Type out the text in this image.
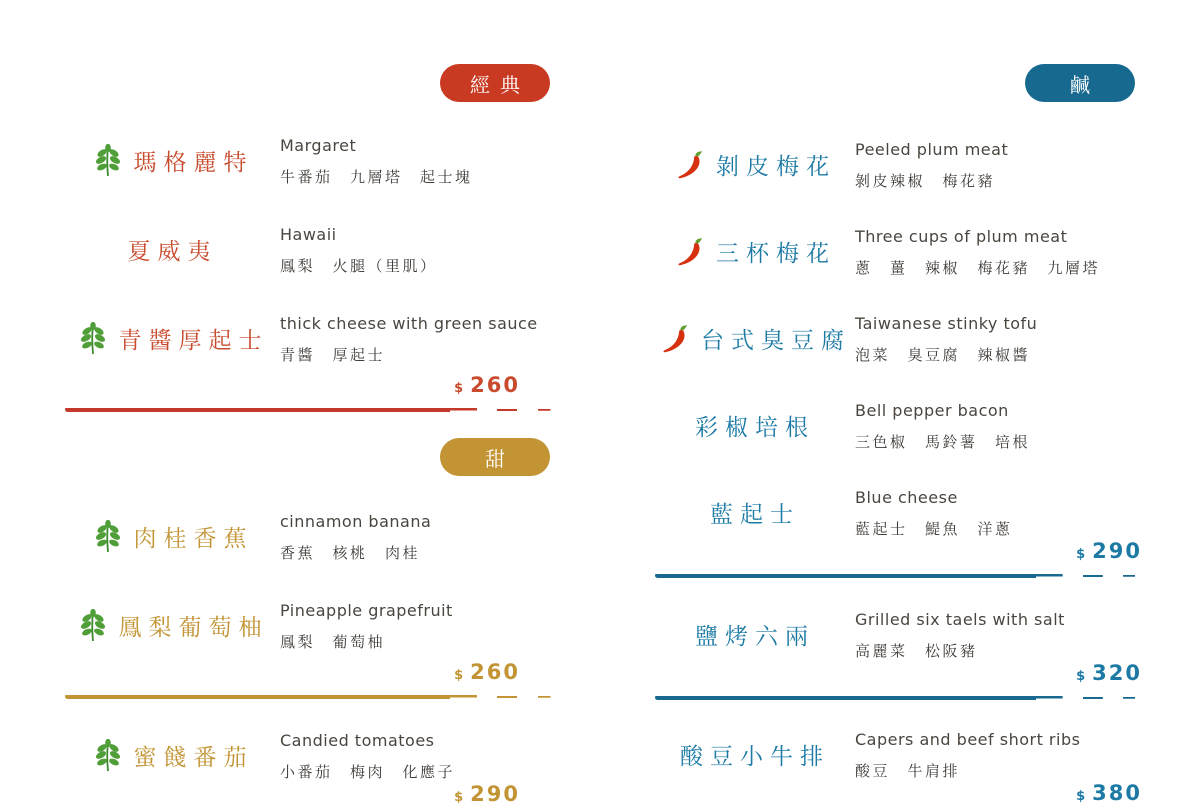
經典
瑪格麗特
Margaret
牛番茄　九層塔　起士塊
夏威夷
Hawaii
鳳梨　火腿（里肌）
青醬厚起士
thick cheese with green sauce
青醬　厚起士
$ 260
甜
肉桂香蕉
cinnamon banana
香蕉　核桃　肉桂
鳳梨葡萄柚
Pineapple grapefruit
鳳梨　葡萄柚
$ 260
蜜餞番茄
Candied tomatoes
小番茄　梅肉　化應子
$ 290
鹹
剝皮梅花
Peeled plum meat
剝皮辣椒　梅花豬
三杯梅花
Three cups of plum meat
蔥　薑　辣椒　梅花豬　九層塔
台式臭豆腐
Taiwanese stinky tofu
泡菜　臭豆腐　辣椒醬
彩椒培根
Bell pepper bacon
三色椒　馬鈴薯　培根
藍起士
Blue cheese
藍起士　鯷魚　洋蔥
$ 290
鹽烤六兩
Grilled six taels with salt
高麗菜　松阪豬
$ 320
酸豆小牛排
Capers and beef short ribs
酸豆　牛肩排
$ 380
